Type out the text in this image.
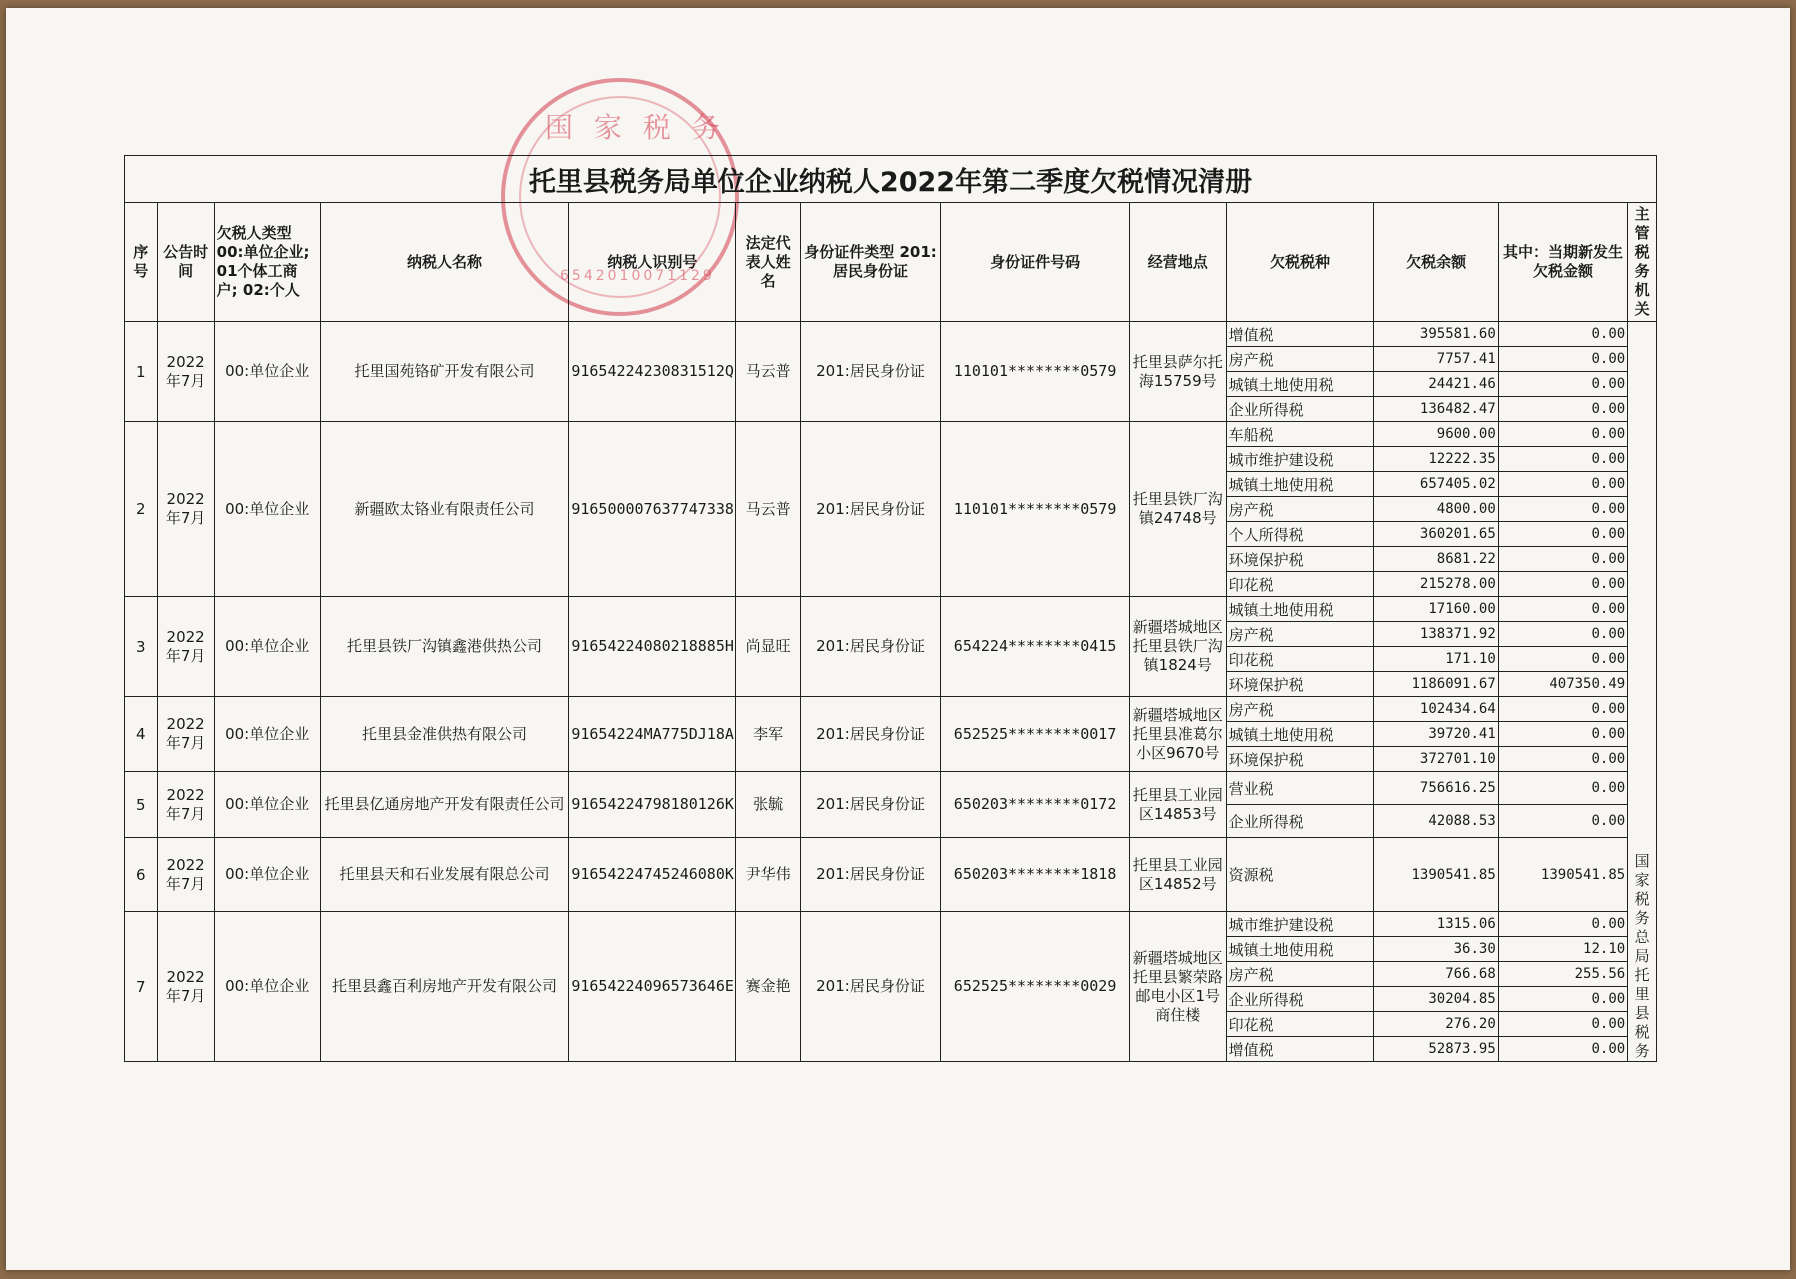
国 家 税 务
6542010071129
托里县税务局单位企业纳税人2022年第二季度欠税情况清册												
序号	公告时间	欠税人类型 00:单位企业; 01个体工商户; 02:个人	纳税人名称	纳税人识别号	法定代表人姓名	身份证件类型 201:居民身份证	身份证件号码	经营地点	欠税税种	欠税余额	其中：当期新发生欠税金额	主管税务机关
1	2022年7月	00:单位企业	托里国苑铬矿开发有限公司	91654224230831512Q	马云普	201:居民身份证	110101********0579	托里县萨尔托海15759号	增值税	395581.60	0.00	国家税务总局托里县税务
									房产税	7757.41	0.00	
									城镇土地使用税	24421.46	0.00	
									企业所得税	136482.47	0.00	
2	2022年7月	00:单位企业	新疆欧太铬业有限责任公司	916500007637747338	马云普	201:居民身份证	110101********0579	托里县铁厂沟镇24748号	车船税	9600.00	0.00	
									城市维护建设税	12222.35	0.00	
									城镇土地使用税	657405.02	0.00	
									房产税	4800.00	0.00	
									个人所得税	360201.65	0.00	
									环境保护税	8681.22	0.00	
									印花税	215278.00	0.00	
3	2022年7月	00:单位企业	托里县铁厂沟镇鑫港供热公司	91654224080218885H	尚显旺	201:居民身份证	654224********0415	新疆塔城地区托里县铁厂沟镇1824号	城镇土地使用税	17160.00	0.00	
									房产税	138371.92	0.00	
									印花税	171.10	0.00	
									环境保护税	1186091.67	407350.49	
4	2022年7月	00:单位企业	托里县金准供热有限公司	91654224MA775DJ18A	李军	201:居民身份证	652525********0017	新疆塔城地区托里县准葛尔小区9670号	房产税	102434.64	0.00	
									城镇土地使用税	39720.41	0.00	
									环境保护税	372701.10	0.00	
5	2022年7月	00:单位企业	托里县亿通房地产开发有限责任公司	91654224798180126K	张毓	201:居民身份证	650203********0172	托里县工业园区14853号	营业税	756616.25	0.00	
									企业所得税	42088.53	0.00	
6	2022年7月	00:单位企业	托里县天和石业发展有限总公司	91654224745246080K	尹华伟	201:居民身份证	650203********1818	托里县工业园区14852号	资源税	1390541.85	1390541.85	
7	2022年7月	00:单位企业	托里县鑫百利房地产开发有限公司	91654224096573646E	赛金艳	201:居民身份证	652525********0029	新疆塔城地区托里县繁荣路邮电小区1号商住楼	城市维护建设税	1315.06	0.00	
									城镇土地使用税	36.30	12.10	
									房产税	766.68	255.56	
									企业所得税	30204.85	0.00	
									印花税	276.20	0.00	
									增值税	52873.95	0.00	
